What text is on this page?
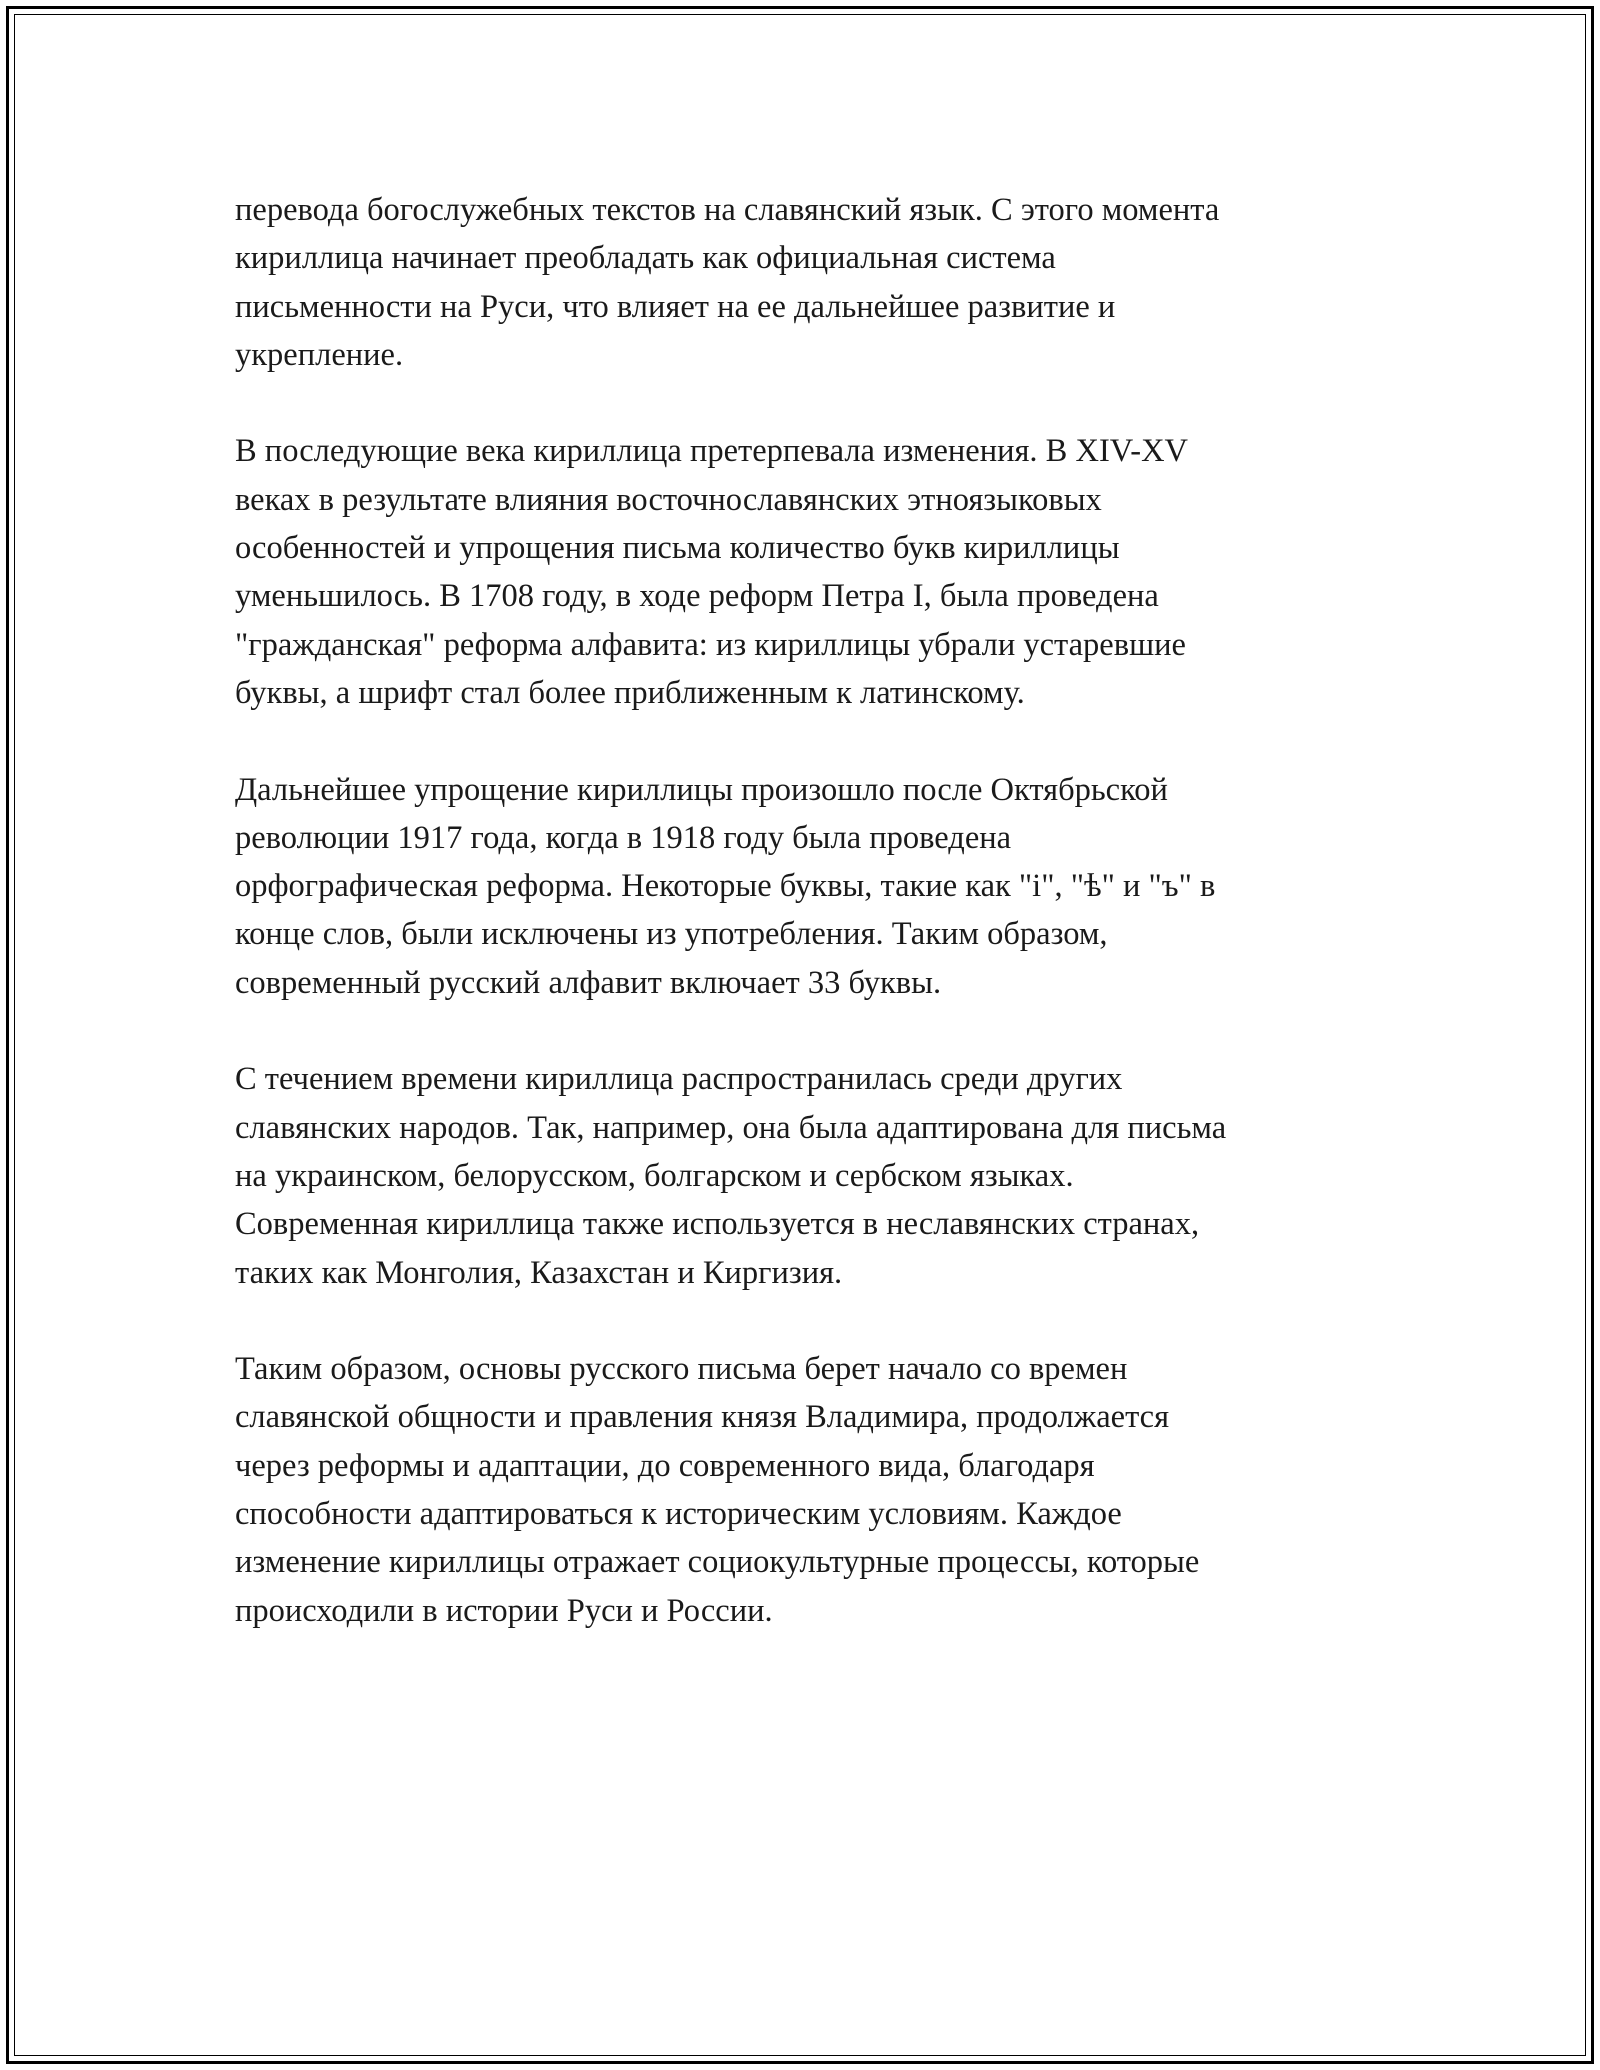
перевода богослужебных текстов на славянский язык. С этого момента
кириллица начинает преобладать как официальная система
письменности на Руси, что влияет на ее дальнейшее развитие и
укрепление.

В последующие века кириллица претерпевала изменения. В XIV-XV
веках в результате влияния восточнославянских этноязыковых
особенностей и упрощения письма количество букв кириллицы
уменьшилось. В 1708 году, в ходе реформ Петра I, была проведена
"гражданская" реформа алфавита: из кириллицы убрали устаревшие
буквы, а шрифт стал более приближенным к латинскому.

Дальнейшее упрощение кириллицы произошло после Октябрьской
революции 1917 года, когда в 1918 году была проведена
орфографическая реформа. Некоторые буквы, такие как "і", "ѣ" и "ъ" в
конце слов, были исключены из употребления. Таким образом,
современный русский алфавит включает 33 буквы.

С течением времени кириллица распространилась среди других
славянских народов. Так, например, она была адаптирована для письма
на украинском, белорусском, болгарском и сербском языках.
Современная кириллица также используется в неславянских странах,
таких как Монголия, Казахстан и Киргизия.

Таким образом, основы русского письма берет начало со времен
славянской общности и правления князя Владимира, продолжается
через реформы и адаптации, до современного вида, благодаря
способности адаптироваться к историческим условиям. Каждое
изменение кириллицы отражает социокультурные процессы, которые
происходили в истории Руси и России.
